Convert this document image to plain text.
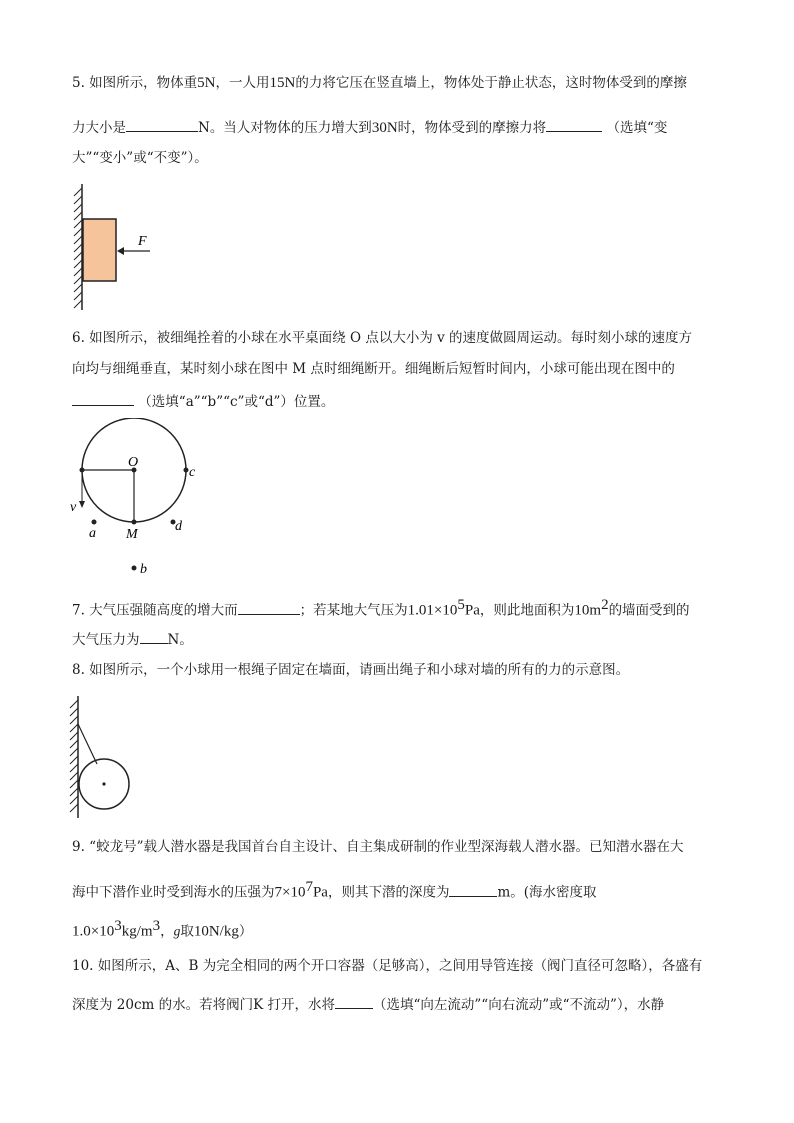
5. 如图所示，物体重5N，一人用15N的力将它压在竖直墙上，物体处于静止状态，这时物体受到的摩擦
力大小是	N。当人对物体的压力增大到30N时，物体受到的摩擦力将	（选填“变
大”“变小”或“不变”）。
F
6. 如图所示，被细绳拴着的小球在水平桌面绕 O 点以大小为 v 的速度做圆周运动。每时刻小球的速度方
向均与细绳垂直，某时刻小球在图中 M 点时细绳断开。细绳断后短暂时间内，小球可能出现在图中的
（选填“a”“b”“c”或“d”）位置。
O
c
v
a M
d
b
7. 大气压强随高度的增大而	；若某地大气压为$1.01\times 10^5Pa$，则此地面积为$10m^2$的墙面受到的
大气压力为 N。
8. 如图所示，一个小球用一根绳子固定在墙面，请画出绳子和小球对墙的所有的力的示意图。
9. “蛟龙号”载人潜水器是我国首台自主设计、自主集成研制的作业型深海载人潜水器。已知潜水器在大
海中下潜作业时受到海水的压强为$7\times 10^7Pa$，则其下潜的深度为	m。(海水密度取
$1.0\times 10^3kg/m^3$，g取10N/kg）
10. 如图所示，A、B 为完全相同的两个开口容器（足够高），之间用导管连接（阀门直径可忽略），各盛有
深度为 20cm 的水。若将阀门K 打开，水将	（选填“向左流动”“向右流动”或“不流动”），水静
